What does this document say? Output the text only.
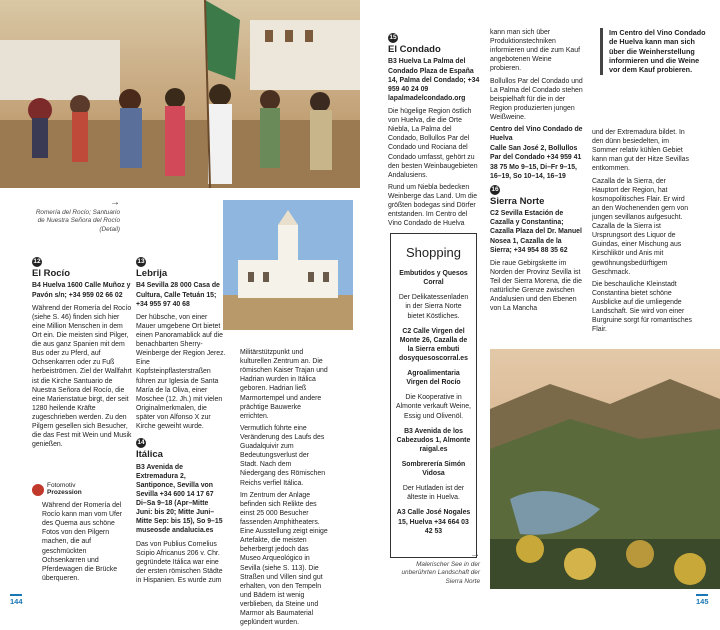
→
Romería del Rocío; Santuario de Nuestra Señora del Rocío (Detail)
12
El Rocío
B4 Huelva 1600 Calle Muñoz y Pavón s/n; +34 959 02 66 02

Während der Romería del Rocío (siehe S. 46) finden sich hier eine Million Menschen in dem Ort ein. Die meisten sind Pilger, die aus ganz Spanien mit dem Bus oder zu Pferd, auf Ochsenkarren oder zu Fuß herbeiströmen. Ziel der Wallfahrt ist die Kirche Santuario de Nuestra Señora del Rocío, die eine Marienstatue birgt, der seit 1280 heilende Kräfte zugeschrieben werden. Zu den Pilgern gesellen sich Besucher, die das Fest mit Wein und Musik genießen.

Fotomotiv
Prozession

Während der Romería del Rocío kann man vom Ufer des Quema aus schöne Fotos von den Pilgern machen, die auf geschmückten Ochsenkarren und Pferdewagen die Brücke überqueren.

13
Lebrija
B4 Sevilla 28 000 Casa de Cultura, Calle Tetuán 15; +34 955 97 40 68

Der hübsche, von einer Mauer umgebene Ort bietet einen Panoramablick auf die benachbarten Sherry-Weinberge der Region Jerez. Eine Kopfsteinpflasterstraßen führen zur Iglesia de Santa María de la Oliva, einer Moschee (12. Jh.) mit vielen Originalmerkmalen, die später von Alfonso X zur Kirche geweiht wurde.

14
Itálica
B3 Avenida de Extremadura 2, Santiponce, Sevilla von Sevilla +34 600 14 17 67 Di–Sa 9–18 (Apr–Mitte Juni: bis 20; Mitte Juni–Mitte Sep: bis 15), So 9–15 museosde andalucia.es

Das von Publius Cornelius Scipio Africanus 206 v. Chr. gegründete Itálica war eine der ersten römischen Städte in Hispanien. Es wurde zum

Militärstützpunkt und kulturellen Zentrum an. Die römischen Kaiser Trajan und Hadrian wurden in Itálica geboren. Hadrian ließ Marmortempel und andere prächtige Bauwerke errichten.

Vermutlich führte eine Veränderung des Laufs des Guadalquivir zum Bedeutungsverlust der Stadt. Nach dem Niedergang des Römischen Reichs verfiel Itálica.

Im Zentrum der Anlage befinden sich Relikte des einst 25 000 Besucher fassenden Amphitheaters. Eine Ausstellung zeigt einige Artefakte, die meisten beherbergt jedoch das Museo Arqueológico in Sevilla (siehe S. 113). Die Straßen und Villen sind gut erhalten, von den Tempeln und Bädern ist wenig verblieben, da Steine und Marmor als Baumaterial geplündert wurden.

144
15
El Condado
B3 Huelva La Palma del Condado Plaza de España 14, Palma del Condado; +34 959 40 24 09 lapalmadelcondado.org

Die hügelige Region östlich von Huelva, die die Orte Niebla, La Palma del Condado, Bollullos Par del Condado und Rociana del Condado umfasst, gehört zu den besten Weinbaugebieten Andalusiens.

Rund um Niebla bedecken Weinberge das Land. Um die größten bodegas sind Dörfer entstanden. Im Centro del Vino Condado de Huelva

Shopping

Embutidos y Quesos Corral

Der Delikatessenladen in der Sierra Norte bietet Köstliches.

C2 Calle Virgen del Monte 26, Cazalla de la Sierra embuti dosyquesoscorral.es

Agroalimentaria Virgen del Rocío

Die Kooperative in Almonte verkauft Weine, Essig und Olivenöl.

B3 Avenida de los Cabezudos 1, Almonte raigal.es

Sombrerería Simón Vidosa

Der Hutladen ist der älteste in Huelva.

A3 Calle José Nogales 15, Huelva +34 664 03 42 53

→
Malerischer See in der unberührten Landschaft der Sierra Norte

kann man sich über Produktionstechniken informieren und die zum Kauf angebotenen Weine probieren.

Bollullos Par del Condado und La Palma del Condado stehen beispielhaft für die in der Region produzierten jungen Weißweine.

Centro del Vino Condado de Huelva

Calle San José 2, Bollullos Par del Condado +34 959 41 38 75 Mo 9–15, Di–Fr 9–15, 16–19, So 10–14, 16–19
16
Sierra Norte
C2 Sevilla Estación de Cazalla y Constantina; Cazalla Plaza del Dr. Manuel Nosea 1, Cazalla de la Sierra; +34 954 88 35 62

Die raue Gebirgskette im Norden der Provinz Sevilla ist Teil der Sierra Morena, die die natürliche Grenze zwischen Andalusien und den Ebenen von La Mancha

Im Centro del Vino Condado de Huelva kann man sich über die Weinherstellung informieren und die Weine vor dem Kauf probieren.

und der Extremadura bildet. In den dünn besiedelten, im Sommer relativ kühlen Gebiet kann man gut der Hitze Sevillas entkommen.

Cazalla de la Sierra, der Hauptort der Region, hat kosmopolitisches Flair. Er wird an den Wochenenden gern von jungen sevillanos aufgesucht. Cazalla de la Sierra ist Ursprungsort des Liquor de Guindas, einer Mischung aus Kirschlikör und Anis mit gewöhnungsbedürftigem Geschmack.

Die beschauliche Kleinstadt Constantina bietet schöne Ausblicke auf die umliegende Landschaft. Sie wird von einer Burgruine sorgt für romantisches Flair.

145
